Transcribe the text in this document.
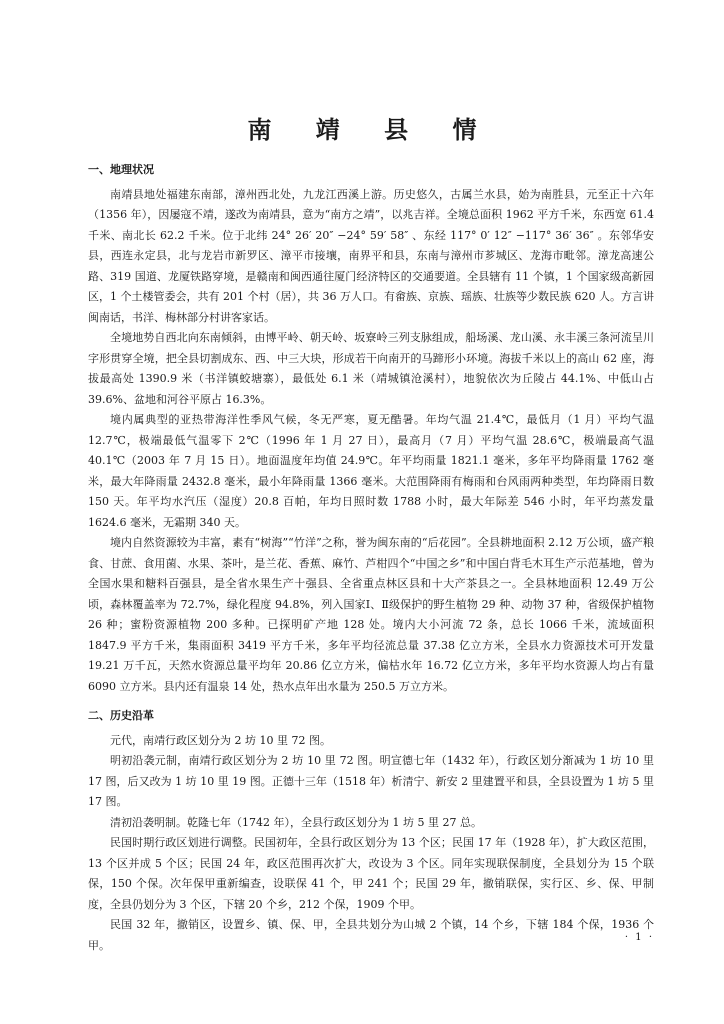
南 靖 县 情
一、地理状况

南靖县地处福建东南部，漳州西北处，九龙江西溪上游。历史悠久，古属兰水县，始为南胜县，元至正十六年（1356 年），因屡寇不靖，遂改为南靖县，意为“南方之靖”，以兆吉祥。全境总面积 1962 平方千米，东西宽 61.4 千米、南北长 62.2 千米。位于北纬 24° 26′ 20″ −24° 59′ 58″ 、东经 117° 0′ 12″ −117° 36′ 36″ 。东邻华安县，西连永定县，北与龙岩市新罗区、漳平市接壤，南界平和县，东南与漳州市芗城区、龙海市毗邻。漳龙高速公路、319 国道、龙厦铁路穿境，是赣南和闽西通往厦门经济特区的交通要道。全县辖有 11 个镇，1 个国家级高新园区，1 个土楼管委会，共有 201 个村（居），共 36 万人口。有畲族、京族、瑶族、壮族等少数民族 620 人。方言讲闽南话，书洋、梅林部分村讲客家话。

全境地势自西北向东南倾斜，由博平岭、朝天岭、坂寮岭三列支脉组成，船场溪、龙山溪、永丰溪三条河流呈川字形贯穿全境，把全县切割成东、西、中三大块，形成若干向南开的马蹄形小环境。海拔千米以上的高山 62 座，海拔最高处 1390.9 米（书洋镇蛟塘寨），最低处 6.1 米（靖城镇沧溪村），地貌依次为丘陵占 44.1%、中低山占 39.6%、盆地和河谷平原占 16.3%。

境内属典型的亚热带海洋性季风气候，冬无严寒，夏无酷暑。年均气温 21.4℃，最低月（1 月）平均气温 12.7℃，极端最低气温零下 2℃（1996 年 1 月 27 日），最高月（7 月）平均气温 28.6℃，极端最高气温 40.1℃（2003 年 7 月 15 日）。地面温度年均值 24.9℃。年平均雨量 1821.1 毫米，多年平均降雨量 1762 毫米，最大年降雨量 2432.8 毫米，最小年降雨量 1366 毫米。大范围降雨有梅雨和台风雨两种类型，年均降雨日数 150 天。年平均水汽压（湿度）20.8 百帕，年均日照时数 1788 小时，最大年际差 546 小时，年平均蒸发量 1624.6 毫米，无霜期 340 天。

境内自然资源较为丰富，素有“树海”“竹洋”之称，誉为闽东南的“后花园”。全县耕地面积 2.12 万公顷，盛产粮食、甘蔗、食用菌、水果、茶叶，是兰花、香蕉、麻竹、芦柑四个“中国之乡”和中国白背毛木耳生产示范基地，曾为全国水果和糖料百强县，是全省水果生产十强县、全省重点林区县和十大产茶县之一。全县林地面积 12.49 万公顷，森林覆盖率为 72.7%，绿化程度 94.8%，列入国家Ⅰ、Ⅱ级保护的野生植物 29 种、动物 37 种，省级保护植物 26 种；蜜粉资源植物 200 多种。已探明矿产地 128 处。境内大小河流 72 条，总长 1066 千米，流域面积 1847.9 平方千米，集雨面积 3419 平方千米，多年平均径流总量 37.38 亿立方米，全县水力资源技术可开发量 19.21 万千瓦，天然水资源总量平均年 20.86 亿立方米，偏枯水年 16.72 亿立方米，多年平均水资源人均占有量 6090 立方米。县内还有温泉 14 处，热水点年出水量为 250.5 万立方米。

二、历史沿革

元代，南靖行政区划分为 2 坊 10 里 72 图。

明初沿袭元制，南靖行政区划分为 2 坊 10 里 72 图。明宣德七年（1432 年），行政区划分渐减为 1 坊 10 里 17 图，后又改为 1 坊 10 里 19 图。正德十三年（1518 年）析清宁、新安 2 里建置平和县，全县设置为 1 坊 5 里 17 图。

清初沿袭明制。乾隆七年（1742 年），全县行政区划分为 1 坊 5 里 27 总。

民国时期行政区划进行调整。民国初年，全县行政区划分为 13 个区；民国 17 年（1928 年），扩大政区范围，13 个区并成 5 个区；民国 24 年，政区范围再次扩大，改设为 3 个区。同年实现联保制度，全县划分为 15 个联保，150 个保。次年保甲重新编查，设联保 41 个，甲 241 个；民国 29 年，撤销联保，实行区、乡、保、甲制度，全县仍划分为 3 个区，下辖 20 个乡，212 个保，1909 个甲。

民国 32 年，撤销区，设置乡、镇、保、甲，全县共划分为山城 2 个镇，14 个乡，下辖 184 个保，1936 个甲。

· 1 ·
